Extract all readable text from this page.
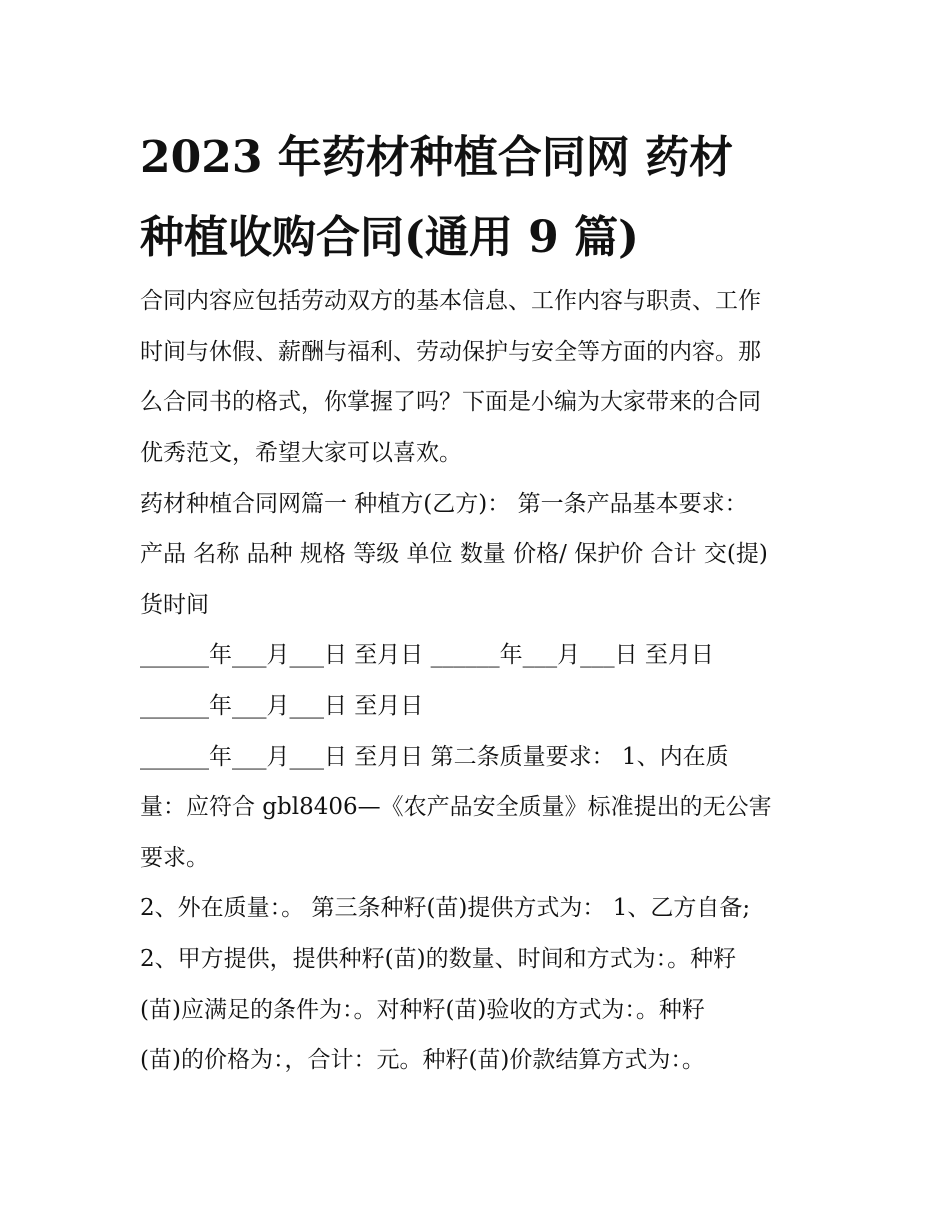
2023 年药材种植合同网 药材
种植收购合同(通用 9 篇)

合同内容应包括劳动双方的基本信息、工作内容与职责、工作

时间与休假、薪酬与福利、劳动保护与安全等方面的内容。那

么合同书的格式，你掌握了吗？下面是小编为大家带来的合同

优秀范文，希望大家可以喜欢。

药材种植合同网篇一 种植方(乙方)： 第一条产品基本要求：

产品 名称 品种 规格 等级 单位 数量 价格/ 保护价 合计 交(提)

货时间

______年___月___日 至月日 ______年___月___日 至月日

______年___月___日 至月日

______年___月___日 至月日 第二条质量要求： 1、内在质

量：应符合 gbl8406—《农产品安全质量》标准提出的无公害

要求。

2、外在质量：。 第三条种籽(苗)提供方式为： 1、乙方自备;

2、甲方提供，提供种籽(苗)的数量、时间和方式为：。种籽

(苗)应满足的条件为：。对种籽(苗)验收的方式为：。种籽

(苗)的价格为：，合计：元。种籽(苗)价款结算方式为：。
